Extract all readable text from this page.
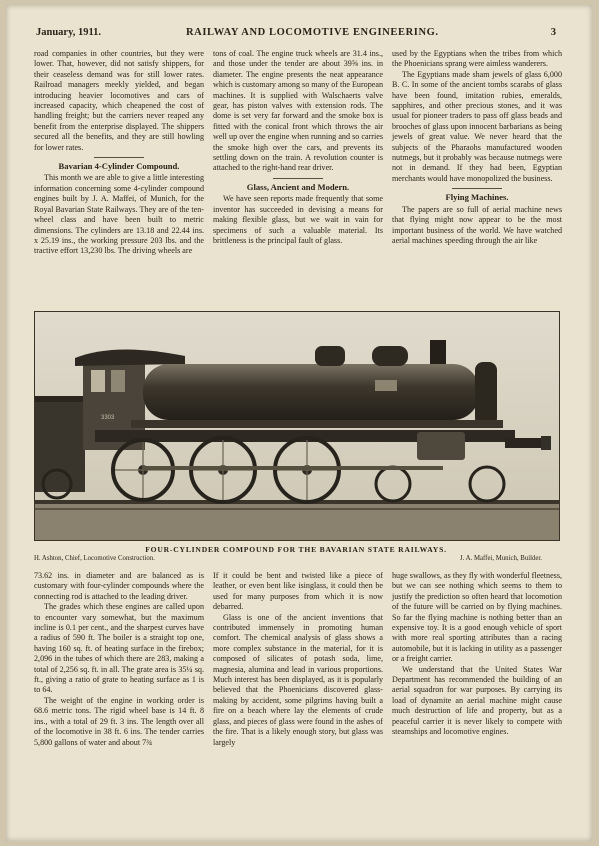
January, 1911.	RAILWAY AND LOCOMOTIVE ENGINEERING.	3

road companies in other countries, but they were lower. That, however, did not satisfy shippers, for their ceaseless demand was for still lower rates. Railroad managers meekly yielded, and began introducing heavier locomotives and cars of increased capacity, which cheapened the cost of handling freight; but the carriers never reaped any benefit from the enterprise displayed. The shippers secured all the benefits, and they are still howling for lower rates.

Bavarian 4-Cylinder Compound.

This month we are able to give a little interesting information concerning some 4-cylinder compound engines built by J. A. Maffei, of Munich, for the Royal Bavarian State Railways. They are of the ten-wheel class and have been built to metric dimensions. The cylinders are 13.18 and 22.44 ins. x 25.19 ins., the working pressure 203 lbs. and the tractive effort 13,230 lbs. The driving wheels are

tons of coal. The engine truck wheels are 31.4 ins., and those under the tender are about 39⅝ ins. in diameter. The engine presents the neat appearance which is customary among so many of the European machines. It is supplied with Walschaerts valve gear, has piston valves with extension rods. The dome is set very far forward and the smoke box is fitted with the conical front which throws the air well up over the engine when running and so carries the smoke high over the cars, and prevents its settling down on the train. A revolution counter is attached to the right-hand rear driver.

Glass, Ancient and Modern.

We have seen reports made frequently that some inventor has succeeded in devising a means for making flexible glass, but we wait in vain for specimens of such a valuable material. Its brittleness is the principal fault of glass.

used by the Egyptians when the tribes from which the Phoenicians sprang were aimless wanderers.

The Egyptians made sham jewels of glass 6,000 B. C. In some of the ancient tombs scarabs of glass have been found, imitation rubies, emeralds, sapphires, and other precious stones, and it was usual for pioneer traders to pass off glass beads and brooches of glass upon innocent barbarians as being jewels of great value. We never heard that the subjects of the Pharaohs manufactured wooden nutmegs, but it probably was because nutmegs were not in demand. If they had been, Egyptian merchants would have monopolized the business.

Flying Machines.

The papers are so full of aerial machine news that flying might now appear to be the most important business of the world. We have watched aerial machines speeding through the air like

3303
FOUR-CYLINDER COMPOUND FOR THE BAVARIAN STATE RAILWAYS.
H. Ashton, Chief, Locomotive Construction.	J. A. Maffei, Munich, Builder.

73.62 ins. in diameter and are balanced as is customary with four-cylinder compounds where the connecting rod is attached to the leading driver.

The grades which these engines are called upon to encounter vary somewhat, but the maximum incline is 0.1 per cent., and the sharpest curves have a radius of 590 ft. The boiler is a straight top one, having 160 sq. ft. of heating surface in the firebox; 2,096 in the tubes of which there are 283, making a total of 2,256 sq. ft. in all. The grate area is 35¼ sq. ft., giving a ratio of grate to heating surface as 1 is to 64.

The weight of the engine in working order is 68.6 metric tons. The rigid wheel base is 14 ft. 8 ins., with a total of 29 ft. 3 ins. The length over all of the locomotive in 38 ft. 6 ins. The tender carries 5,800 gallons of water and about 7¾

If it could be bent and twisted like a piece of leather, or even bent like isinglass, it could then be used for many purposes from which it is now debarred.

Glass is one of the ancient inventions that contributed immensely in promoting human comfort. The chemical analysis of glass shows a more complex substance in the material, for it is composed of silicates of potash soda, lime, magnesia, alumina and lead in various proportions. Much interest has been displayed, as it is popularly believed that the Phoenicians discovered glass-making by accident, some pilgrims having built a fire on a beach where lay the elements of crude glass, and pieces of glass were found in the ashes of the fire. That is a likely enough story, but glass was largely

huge swallows, as they fly with wonderful fleetness, but we can see nothing which seems to them to justify the prediction so often heard that locomotion of the future will be carried on by flying machines. So far the flying machine is nothing better than an expensive toy. It is a good enough vehicle of sport with more real sporting attributes than a racing automobile, but it is lacking in utility as a passenger or a freight carrier.

We understand that the United States War Department has recommended the building of an aerial squadron for war purposes. By carrying its load of dynamite an aerial machine might cause much destruction of life and property, but as a peaceful carrier it is never likely to compete with steamships and locomotive engines.
